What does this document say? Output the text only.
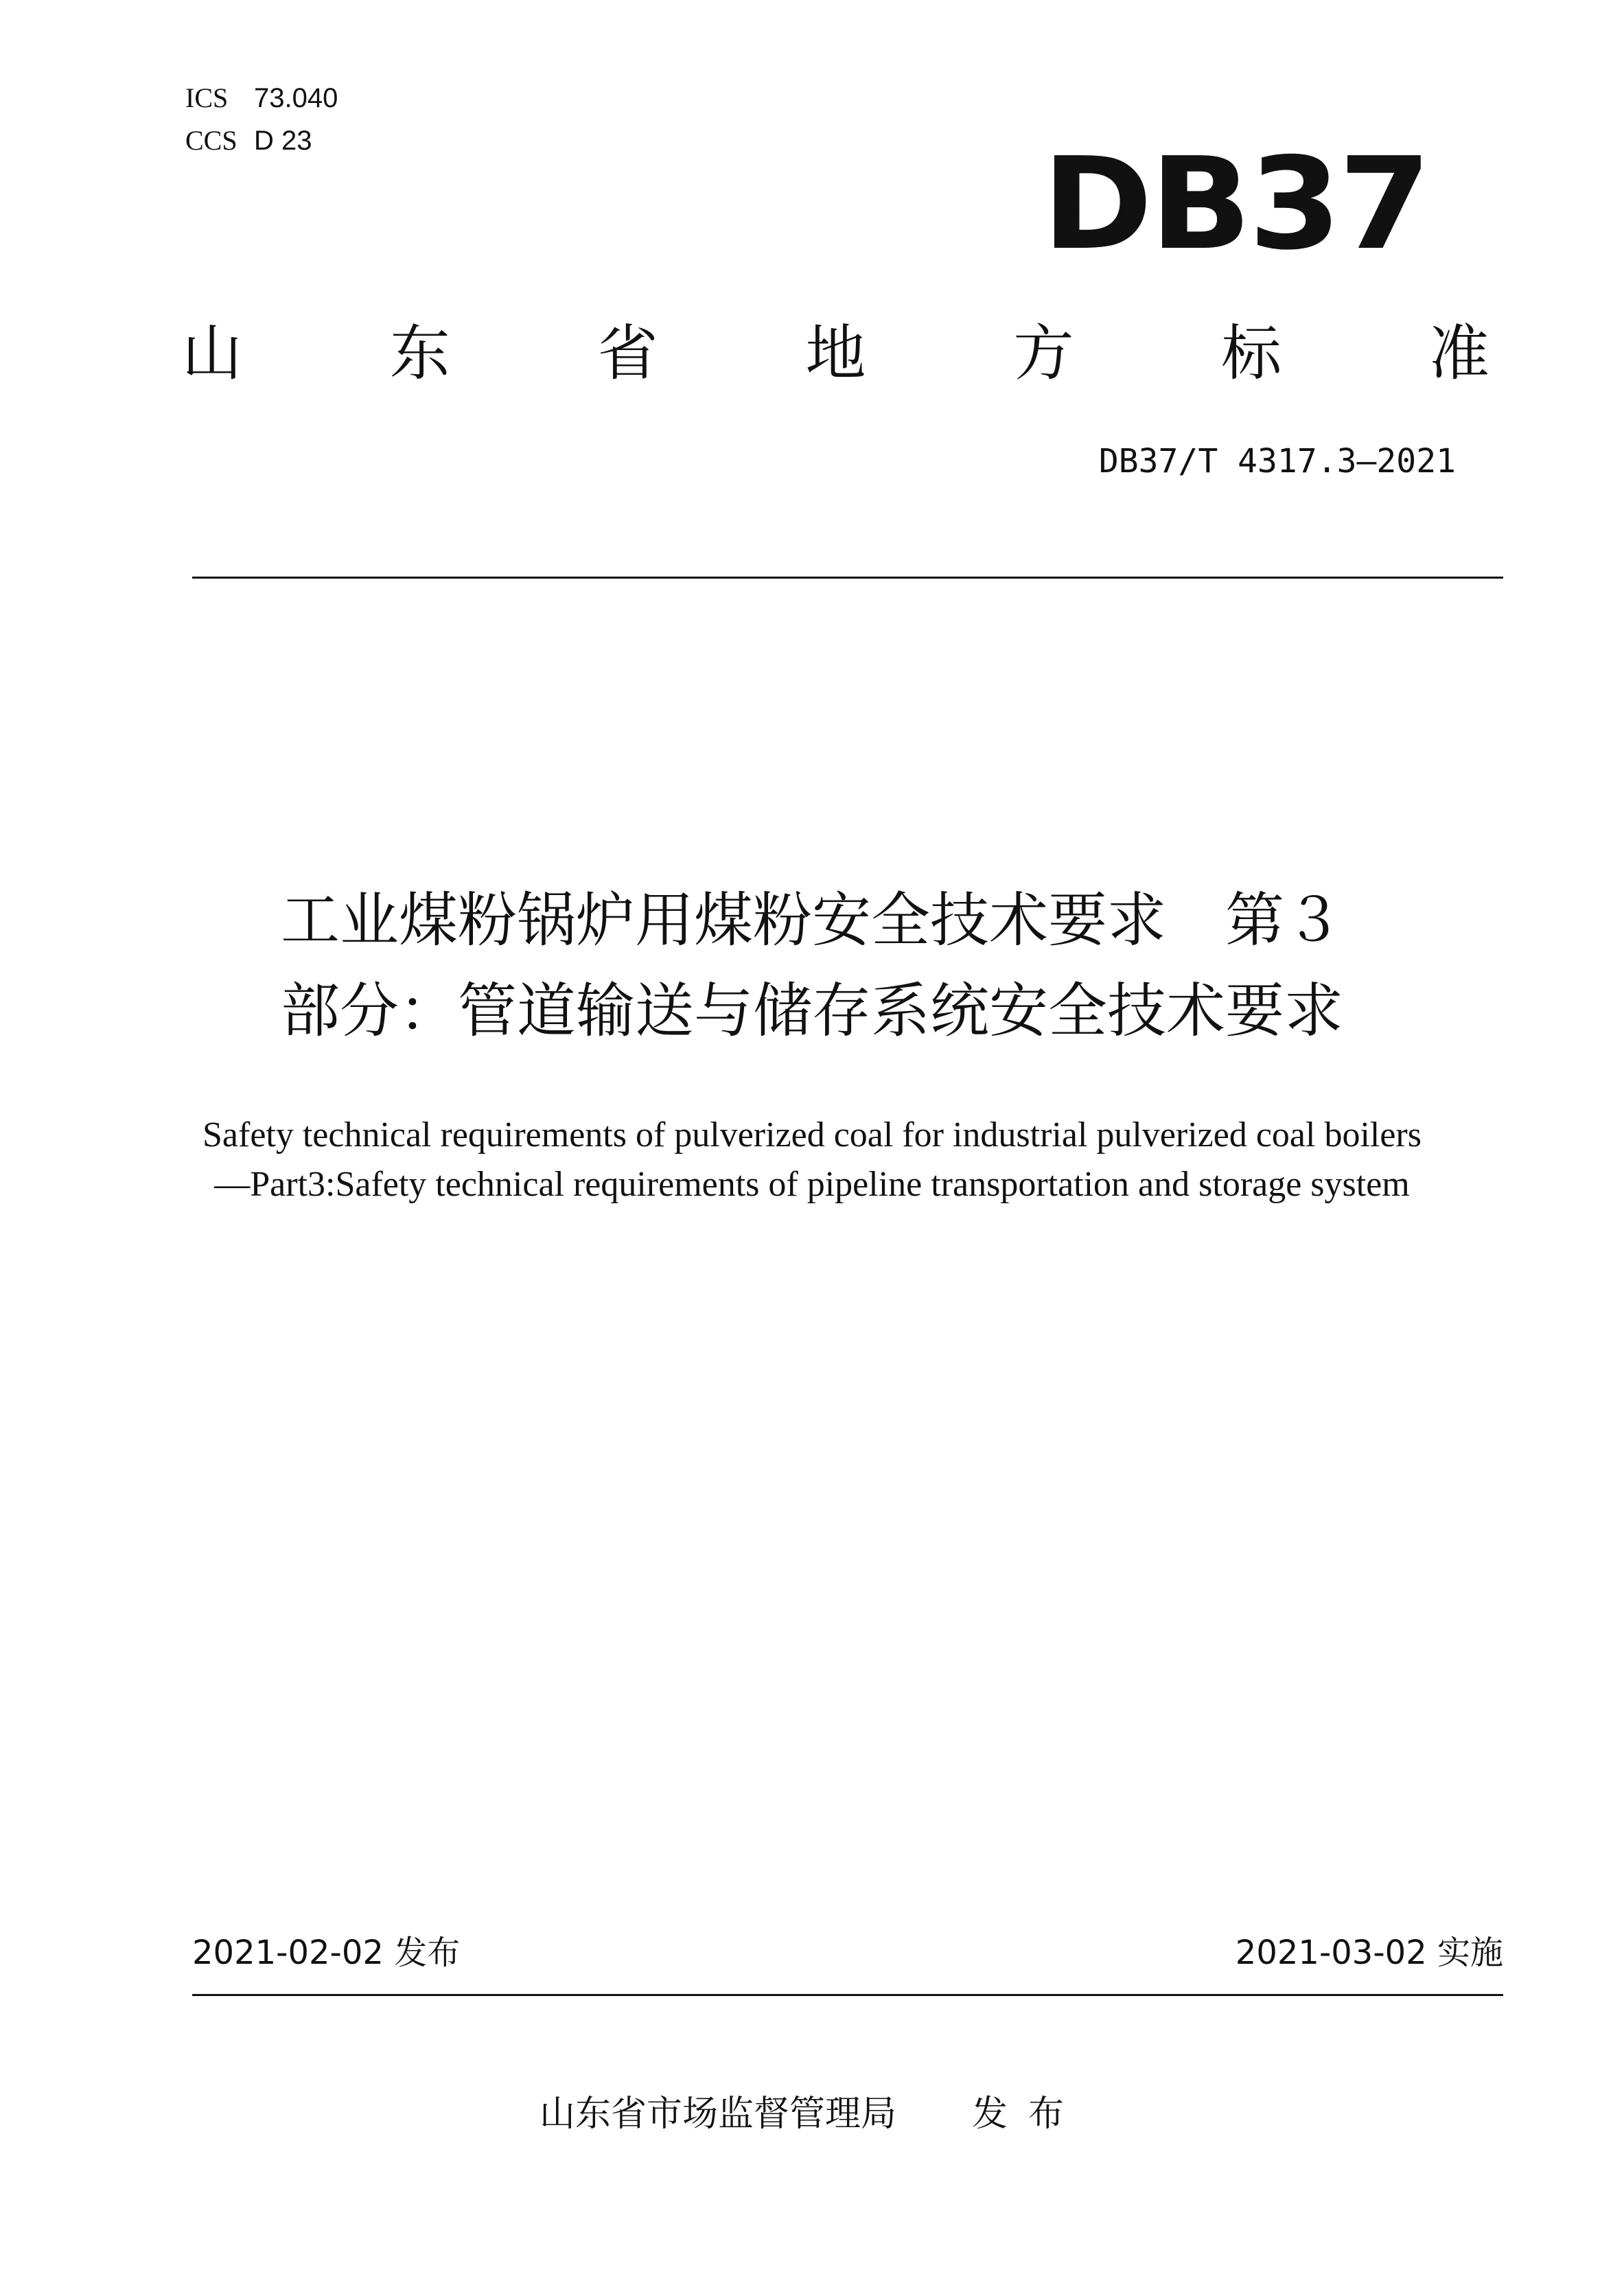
ICS 73.040
CCS D 23	DB37
山 东 省 地 方 标 准
DB37/T 4317.3—2021
工业煤粉锅炉用煤粉安全技术要求　第３
部分：管道输送与储存系统安全技术要求
Safety technical requirements of pulverized coal for industrial pulverized coal boilers
—Part3:Safety technical requirements of pipeline transportation and storage system
2021-02-02 发布	2021-03-02 实施
山东省市场监督管理局 发布
